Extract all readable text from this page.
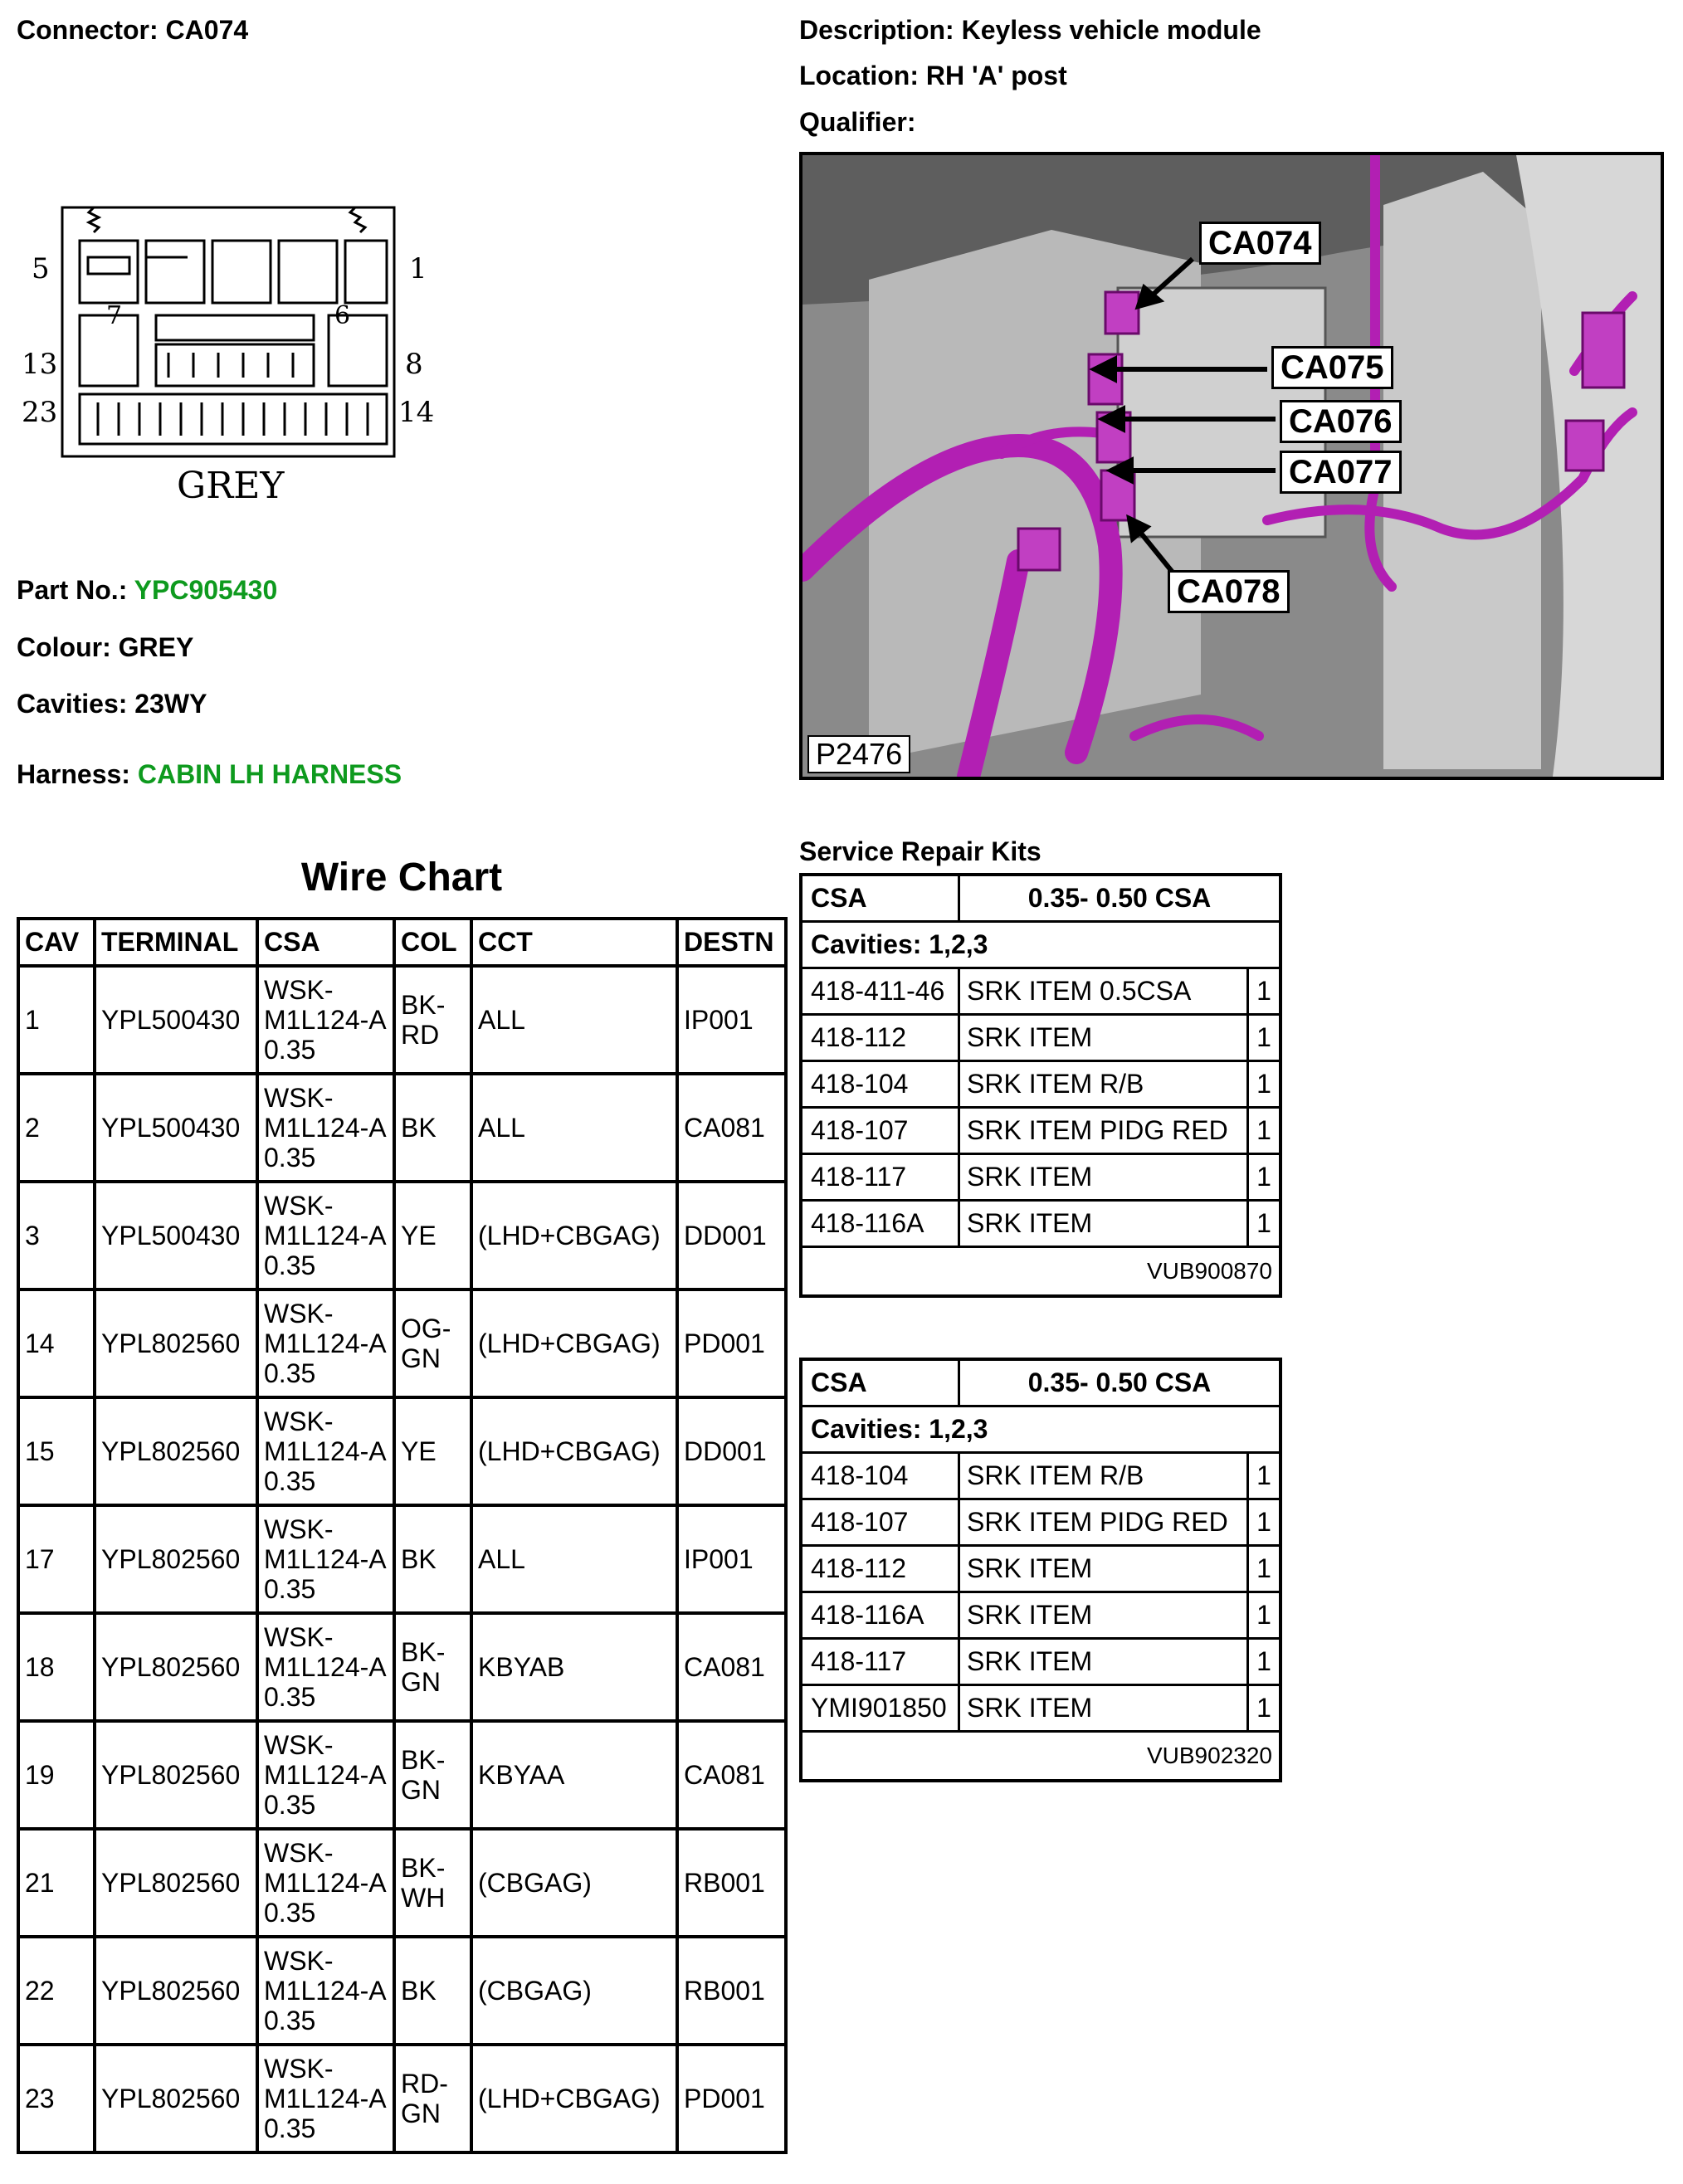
Connector: CA074	Description: Keyless vehicle module
Location: RH 'A' post
Qualifier:
5	1
7	6
13	8
23	14
GREY
Part No.: YPC905430
Colour: GREY
Cavities: 23WY
Harness: CABIN LH HARNESS
CA074
CA075
CA076
CA077
CA078
P2476
Wire Chart
CAV	TERMINAL	CSA	COL	CCT	DESTN
1	YPL500430	WSK-M1L124-A 0.35	BK-RD	ALL	IP001
2	YPL500430	WSK-M1L124-A 0.35	BK	ALL	CA081
3	YPL500430	WSK-M1L124-A 0.35	YE	(LHD+CBGAG)	DD001
14	YPL802560	WSK-M1L124-A 0.35	OG-GN	(LHD+CBGAG)	PD001
15	YPL802560	WSK-M1L124-A 0.35	YE	(LHD+CBGAG)	DD001
17	YPL802560	WSK-M1L124-A 0.35	BK	ALL	IP001
18	YPL802560	WSK-M1L124-A 0.35	BK-GN	KBYAB	CA081
19	YPL802560	WSK-M1L124-A 0.35	BK-GN	KBYAA	CA081
21	YPL802560	WSK-M1L124-A 0.35	BK-WH	(CBGAG)	RB001
22	YPL802560	WSK-M1L124-A 0.35	BK	(CBGAG)	RB001
23	YPL802560	WSK-M1L124-A 0.35	RD-GN	(LHD+CBGAG)	PD001
Service Repair Kits
CSA	0.35- 0.50 CSA
Cavities: 1,2,3
418-411-46 SRK ITEM 0.5CSA	1
418-112	SRK ITEM	1
418-104	SRK ITEM R/B	1
418-107	SRK ITEM PIDG RED	1
418-117	SRK ITEM	1
418-116A	SRK ITEM	1
VUB900870
CSA	0.35- 0.50 CSA
Cavities: 1,2,3
418-104	SRK ITEM R/B	1
418-107	SRK ITEM PIDG RED	1
418-112	SRK ITEM	1
418-116A	SRK ITEM	1
418-117	SRK ITEM	1
YMI901850 SRK ITEM	1
VUB902320
